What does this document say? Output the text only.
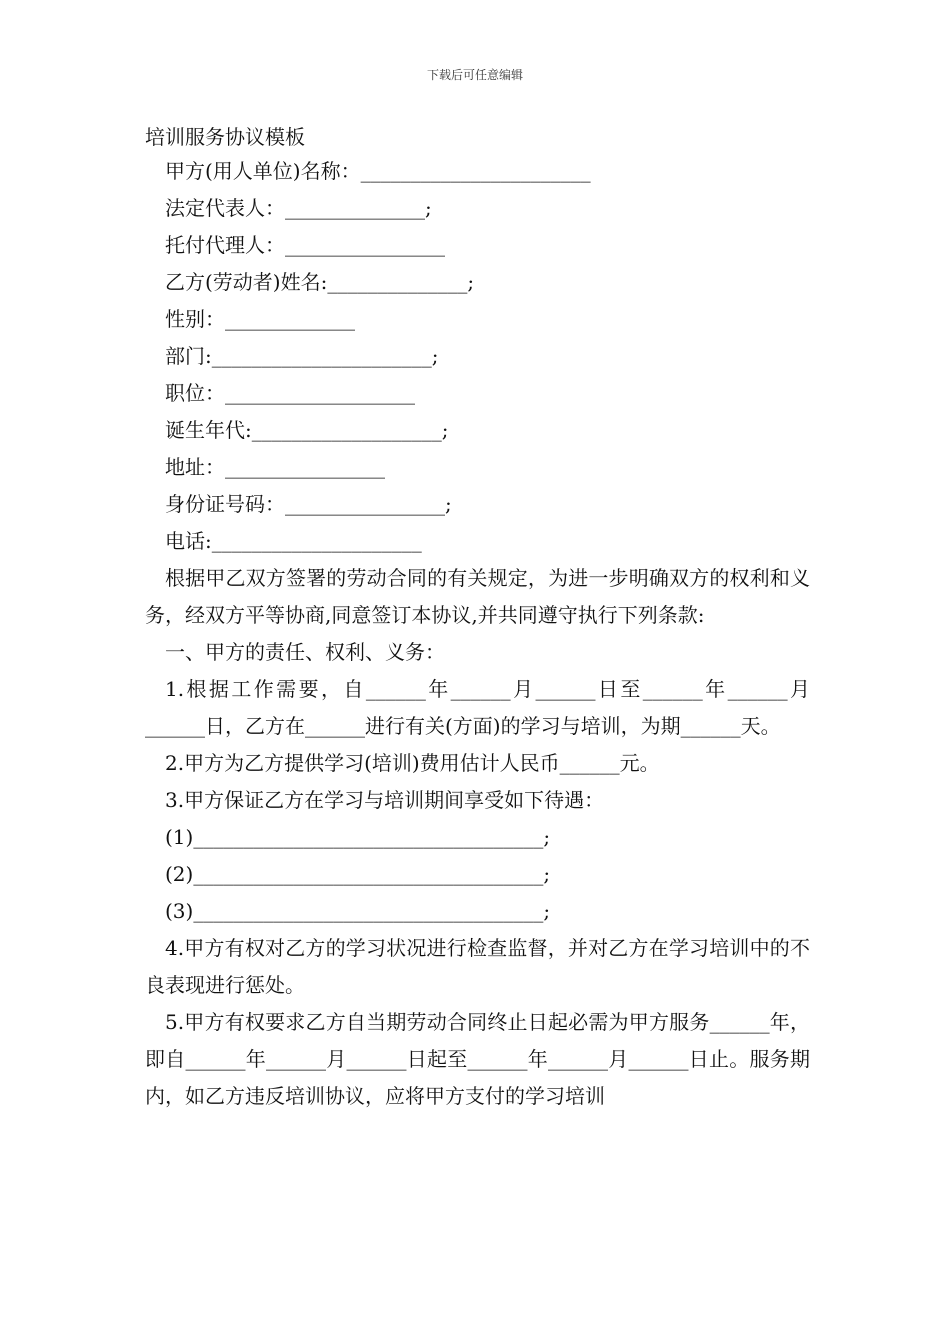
下载后可任意编辑
培训服务协议模板
甲方(用人单位)名称：_______________________
法定代表人：______________;
托付代理人：________________
乙方(劳动者)姓名:______________;
性别：_____________
部门:______________________;
职位：___________________
诞生年代:___________________;
地址：________________
身份证号码：________________;
电话:_____________________
根据甲乙双方签署的劳动合同的有关规定，为进一步明确双方的权利和义务，经双方平等协商,同意签订本协议,并共同遵守执行下列条款:
一、甲方的责任、权利、义务：
1.根据工作需要，自______年______月______日至______年______月______日，乙方在______进行有关(方面)的学习与培训，为期______天。
2.甲方为乙方提供学习(培训)费用估计人民币______元。
3.甲方保证乙方在学习与培训期间享受如下待遇：
(1)___________________________________;
(2)___________________________________;
(3)___________________________________;
4.甲方有权对乙方的学习状况进行检查监督，并对乙方在学习培训中的不良表现进行惩处。
5.甲方有权要求乙方自当期劳动合同终止日起必需为甲方服务______年，即自______年______月______日起至______年______月______日止。服务期内，如乙方违反培训协议，应将甲方支付的学习培训
